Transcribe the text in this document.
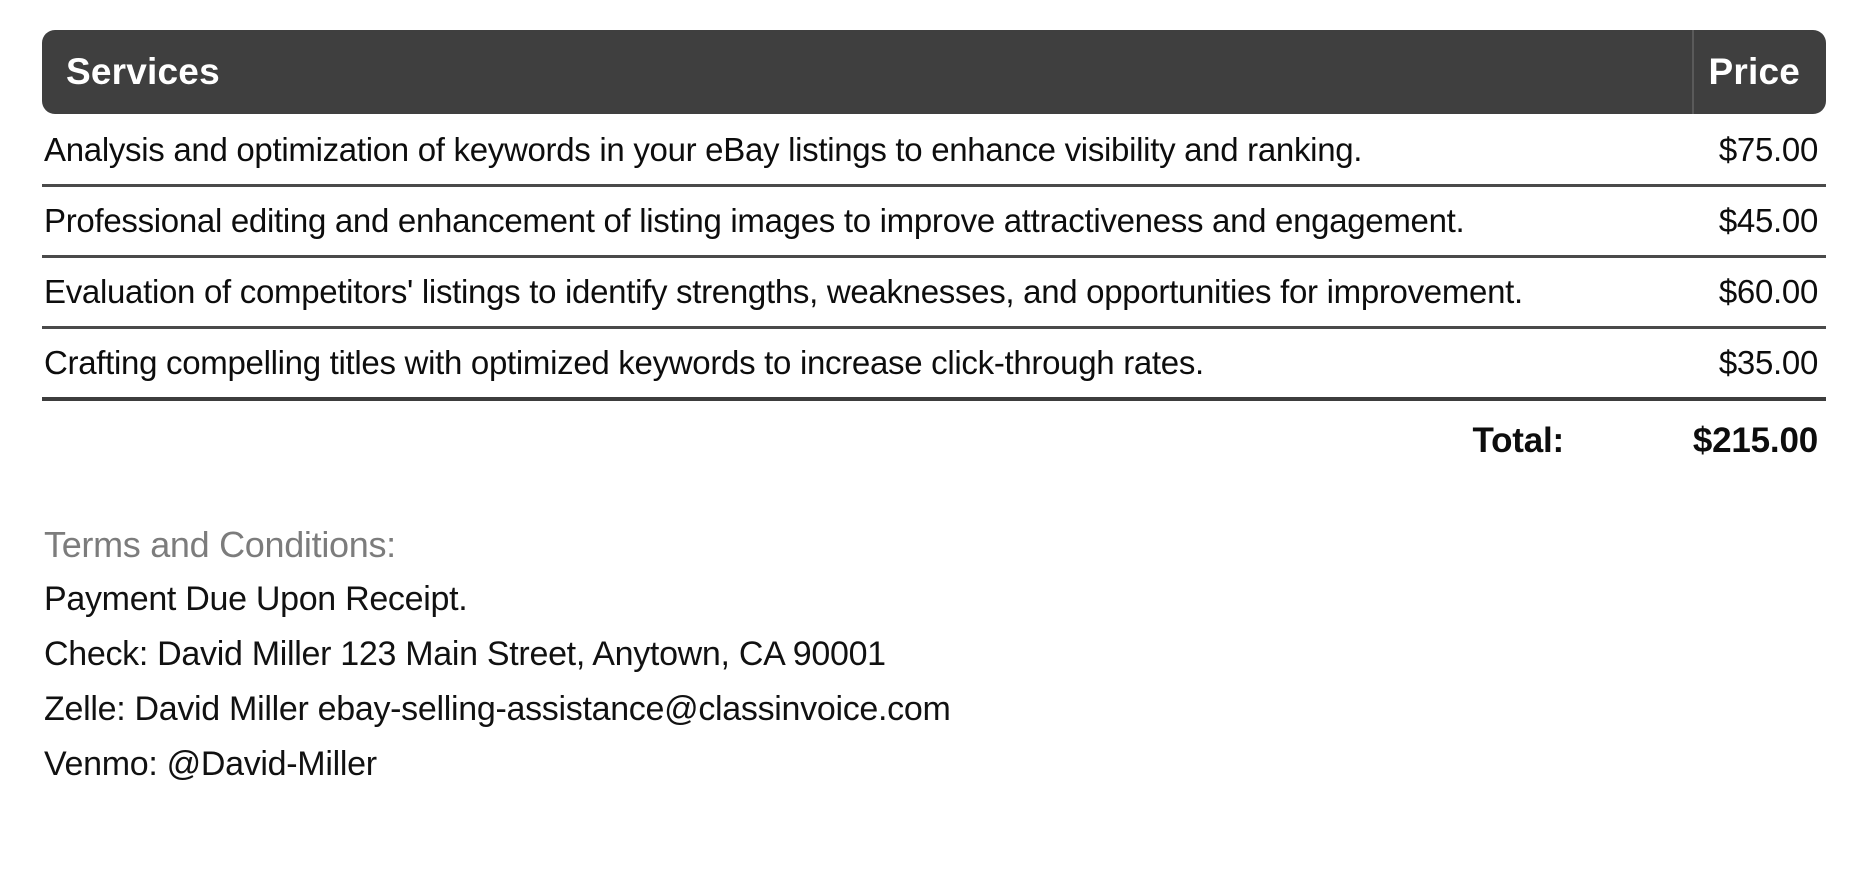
Services	Price
Analysis and optimization of keywords in your eBay listings to enhance visibility and ranking.	$75.00
Professional editing and enhancement of listing images to improve attractiveness and engagement.	$45.00
Evaluation of competitors' listings to identify strengths, weaknesses, and opportunities for improvement.	$60.00
Crafting compelling titles with optimized keywords to increase click-through rates.	$35.00
Total:	$215.00
Terms and Conditions:
Payment Due Upon Receipt.
Check: David Miller 123 Main Street, Anytown, CA 90001
Zelle: David Miller ebay-selling-assistance@classinvoice.com
Venmo: @David-Miller
